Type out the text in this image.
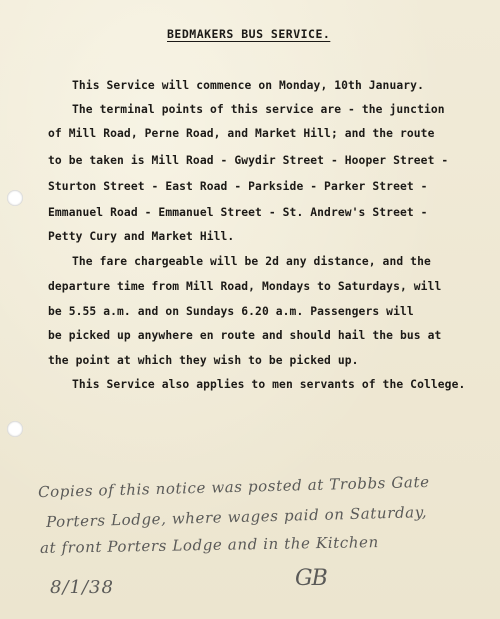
BEDMAKERS BUS SERVICE.
This Service will commence on Monday, 10th January.
The terminal points of this service are - the junction
of Mill Road, Perne Road, and Market Hill; and the route
to be taken is Mill Road - Gwydir Street - Hooper Street -
Sturton Street - East Road - Parkside - Parker Street -
Emmanuel Road - Emmanuel Street - St. Andrew's Street -
Petty Cury and Market Hill.
The fare chargeable will be 2d any distance, and the
departure time from Mill Road, Mondays to Saturdays, will
be 5.55 a.m. and on Sundays 6.20 a.m. Passengers will
be picked up anywhere en route and should hail the bus at
the point at which they wish to be picked up.
This Service also applies to men servants of the College.
Copies of this notice was posted at Trobbs Gate
Porters Lodge, where wages paid on Saturday,
at front Porters Lodge and in the Kitchen
8/1/38	GB
